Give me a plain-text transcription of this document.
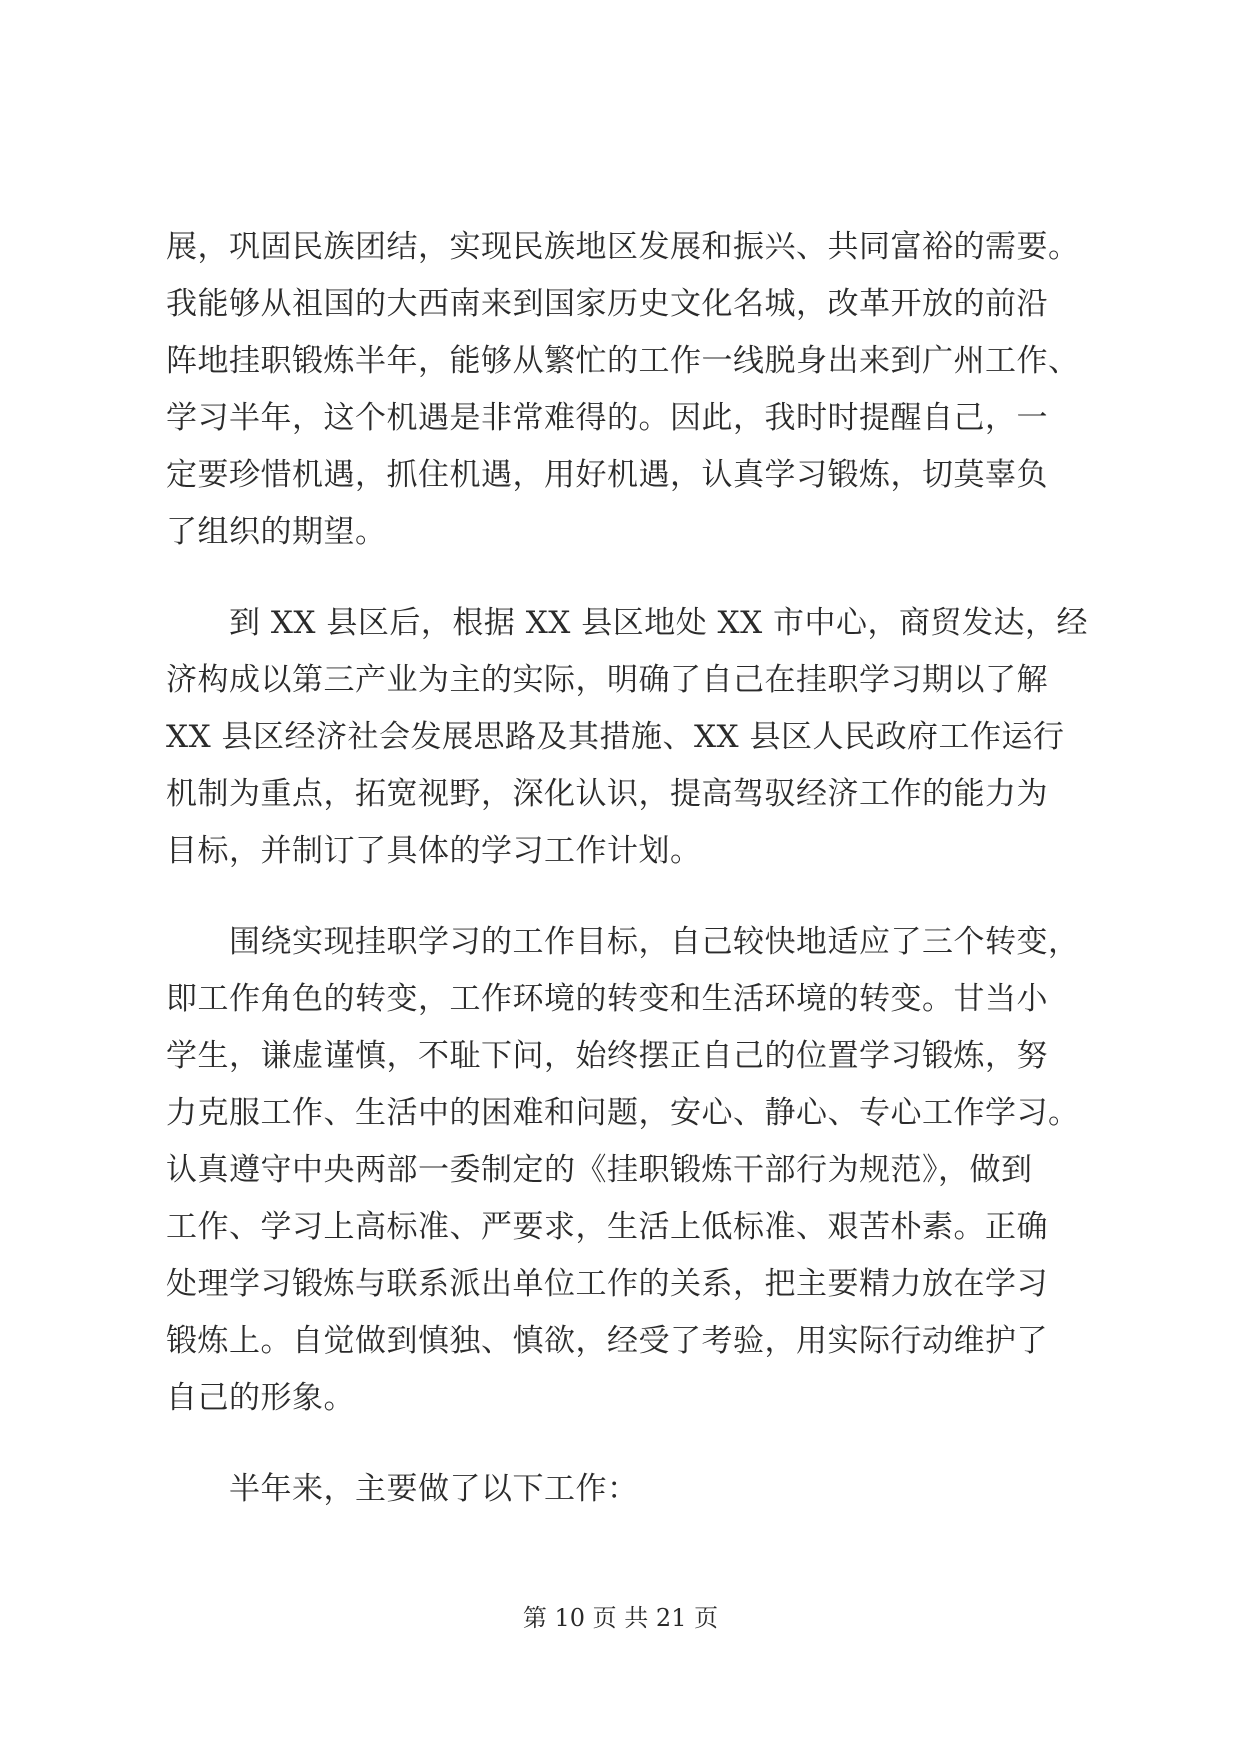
展，巩固民族团结，实现民族地区发展和振兴、共同富裕的需要。
我能够从祖国的大西南来到国家历史文化名城，改革开放的前沿
阵地挂职锻炼半年，能够从繁忙的工作一线脱身出来到广州工作、
学习半年，这个机遇是非常难得的。因此，我时时提醒自己，一
定要珍惜机遇，抓住机遇，用好机遇，认真学习锻炼，切莫辜负
了组织的期望。
到 XX 县区后，根据 XX 县区地处 XX 市中心，商贸发达，经
济构成以第三产业为主的实际，明确了自己在挂职学习期以了解
XX 县区经济社会发展思路及其措施、XX 县区人民政府工作运行
机制为重点，拓宽视野，深化认识，提高驾驭经济工作的能力为
目标，并制订了具体的学习工作计划。
围绕实现挂职学习的工作目标，自己较快地适应了三个转变，
即工作角色的转变，工作环境的转变和生活环境的转变。甘当小
学生，谦虚谨慎，不耻下问，始终摆正自己的位置学习锻炼，努
力克服工作、生活中的困难和问题，安心、静心、专心工作学习。
认真遵守中央两部一委制定的《挂职锻炼干部行为规范》，做到
工作、学习上高标准、严要求，生活上低标准、艰苦朴素。正确
处理学习锻炼与联系派出单位工作的关系，把主要精力放在学习
锻炼上。自觉做到慎独、慎欲，经受了考验，用实际行动维护了
自己的形象。
半年来，主要做了以下工作：
第 10 页 共 21 页
